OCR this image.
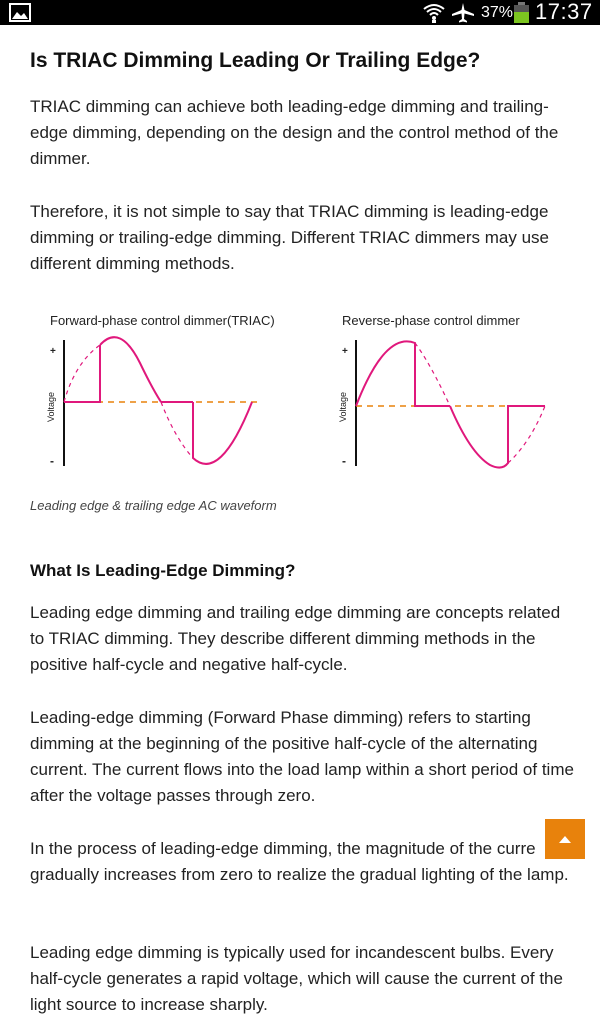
37% 17:37
Is TRIAC Dimming Leading Or Trailing Edge?

TRIAC dimming can achieve both leading-edge dimming and trailing-edge dimming, depending on the design and the control method of the dimmer.

Therefore, it is not simple to say that TRIAC dimming is leading-edge dimming or trailing-edge dimming. Different TRIAC dimmers may use different dimming methods.

Forward-phase control dimmer(TRIAC)
+
-
Voltage
Reverse-phase control dimmer
+
-
Voltage
Leading edge & trailing edge AC waveform
What Is Leading-Edge Dimming?

Leading edge dimming and trailing edge dimming are concepts related to TRIAC dimming. They describe different dimming methods in the positive half-cycle and negative half-cycle.

Leading-edge dimming (Forward Phase dimming) refers to starting dimming at the beginning of the positive half-cycle of the alternating current. The current flows into the load lamp within a short period of time after the voltage passes through zero.

In the process of leading-edge dimming, the magnitude of the curre gradually increases from zero to realize the gradual lighting of the lamp.

Leading edge dimming is typically used for incandescent bulbs. Every half-cycle generates a rapid voltage, which will cause the current of the light source to increase sharply.
